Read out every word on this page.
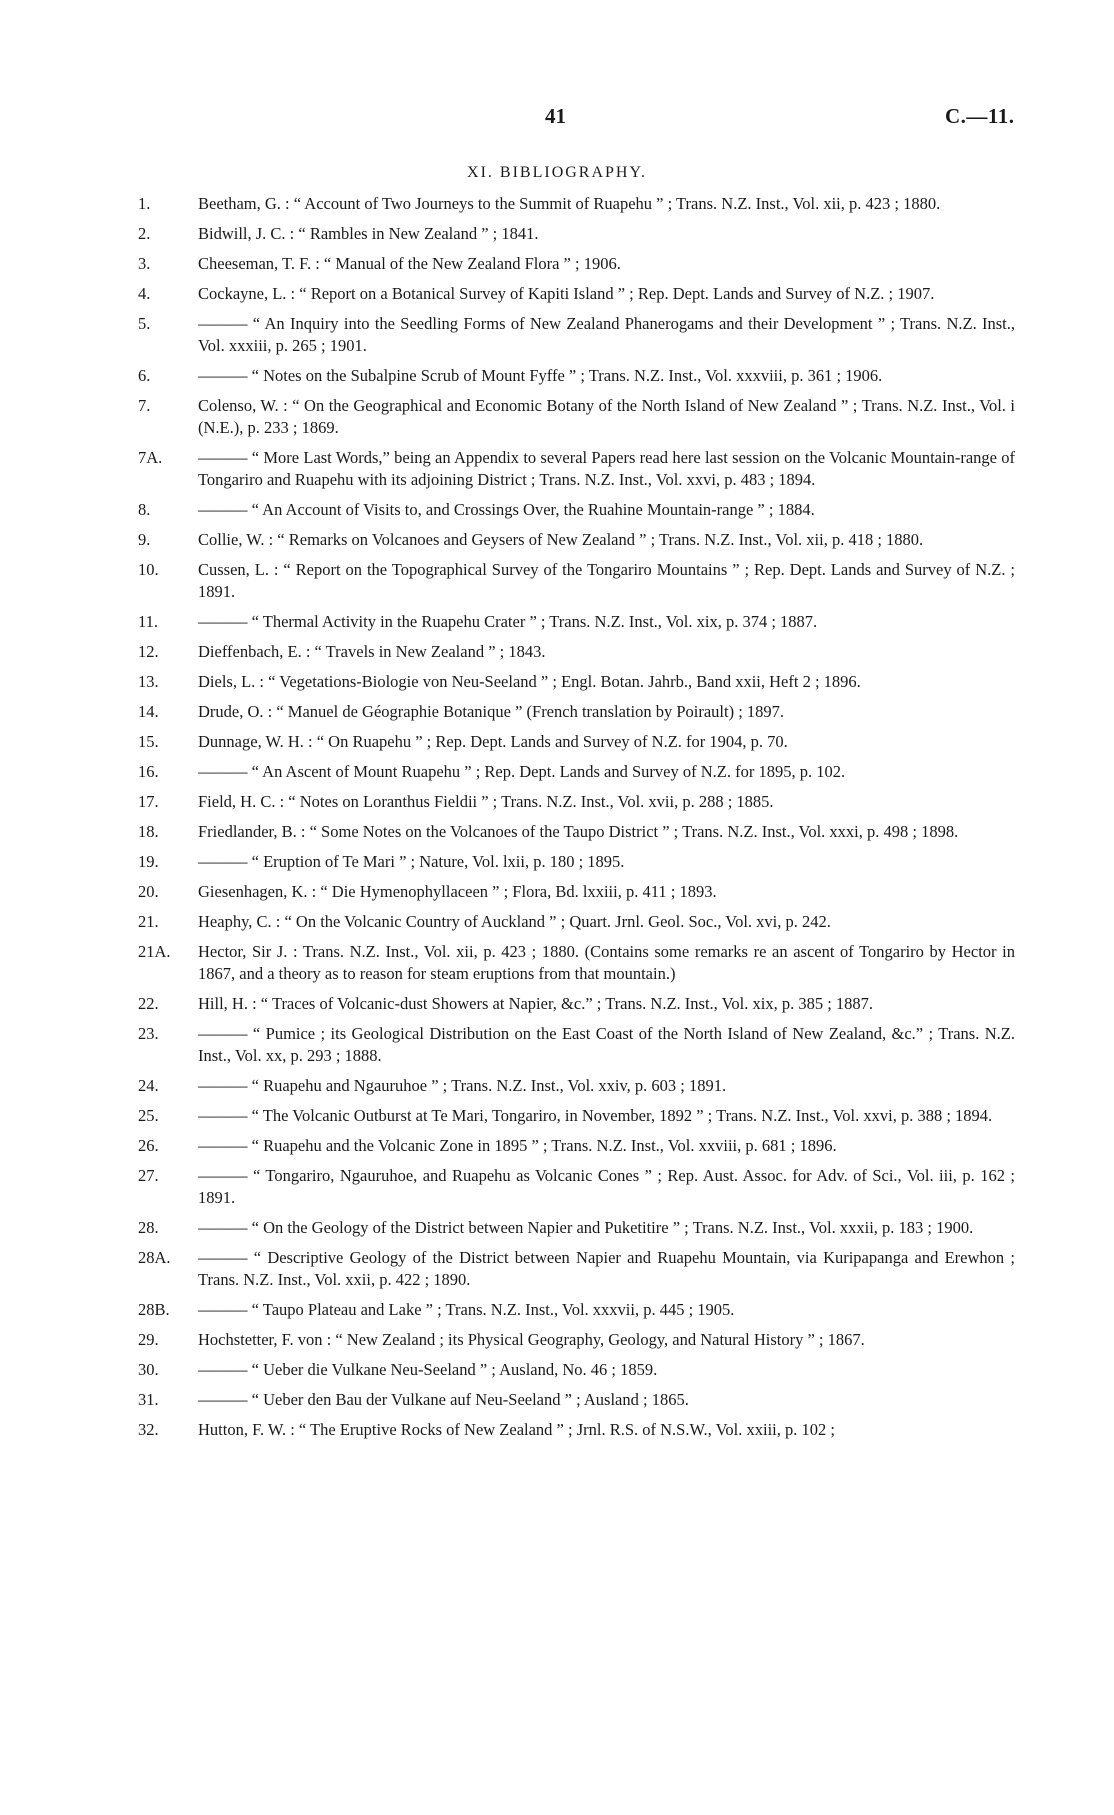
41	C.—11.
XI. BIBLIOGRAPHY.
1.	Beetham, G. : “ Account of Two Journeys to the Summit of Ruapehu ” ; Trans. N.Z. Inst., Vol. xii, p. 423 ; 1880.
2.	Bidwill, J. C. : “ Rambles in New Zealand ” ; 1841.
3.	Cheeseman, T. F. : “ Manual of the New Zealand Flora ” ; 1906.
4.	Cockayne, L. : “ Report on a Botanical Survey of Kapiti Island ” ; Rep. Dept. Lands and Survey of N.Z. ; 1907.
5.	——— “ An Inquiry into the Seedling Forms of New Zealand Phanerogams and their Development ” ; Trans. N.Z. Inst., Vol. xxxiii, p. 265 ; 1901.
6.	——— “ Notes on the Subalpine Scrub of Mount Fyffe ” ; Trans. N.Z. Inst., Vol. xxxviii, p. 361 ; 1906.
7.	Colenso, W. : “ On the Geographical and Economic Botany of the North Island of New Zealand ” ; Trans. N.Z. Inst., Vol. i (N.E.), p. 233 ; 1869.
7A.	——— “ More Last Words,” being an Appendix to several Papers read here last session on the Volcanic Mountain-range of Tongariro and Ruapehu with its adjoining District ; Trans. N.Z. Inst., Vol. xxvi, p. 483 ; 1894.
8.	——— “ An Account of Visits to, and Crossings Over, the Ruahine Mountain-range ” ; 1884.
9.	Collie, W. : “ Remarks on Volcanoes and Geysers of New Zealand ” ; Trans. N.Z. Inst., Vol. xii, p. 418 ; 1880.
10.	Cussen, L. : “ Report on the Topographical Survey of the Tongariro Mountains ” ; Rep. Dept. Lands and Survey of N.Z. ; 1891.
11.	——— “ Thermal Activity in the Ruapehu Crater ” ; Trans. N.Z. Inst., Vol. xix, p. 374 ; 1887.
12.	Dieffenbach, E. : “ Travels in New Zealand ” ; 1843.
13.	Diels, L. : “ Vegetations-Biologie von Neu-Seeland ” ; Engl. Botan. Jahrb., Band xxii, Heft 2 ; 1896.
14.	Drude, O. : “ Manuel de Géographie Botanique ” (French translation by Poirault) ; 1897.
15.	Dunnage, W. H. : “ On Ruapehu ” ; Rep. Dept. Lands and Survey of N.Z. for 1904, p. 70.
16.	——— “ An Ascent of Mount Ruapehu ” ; Rep. Dept. Lands and Survey of N.Z. for 1895, p. 102.
17.	Field, H. C. : “ Notes on Loranthus Fieldii ” ; Trans. N.Z. Inst., Vol. xvii, p. 288 ; 1885.
18.	Friedlander, B. : “ Some Notes on the Volcanoes of the Taupo District ” ; Trans. N.Z. Inst., Vol. xxxi, p. 498 ; 1898.
19.	——— “ Eruption of Te Mari ” ; Nature, Vol. lxii, p. 180 ; 1895.
20.	Giesenhagen, K. : “ Die Hymenophyllaceen ” ; Flora, Bd. lxxiii, p. 411 ; 1893.
21.	Heaphy, C. : “ On the Volcanic Country of Auckland ” ; Quart. Jrnl. Geol. Soc., Vol. xvi, p. 242.
21A.	Hector, Sir J. : Trans. N.Z. Inst., Vol. xii, p. 423 ; 1880. (Contains some remarks re an ascent of Tongariro by Hector in 1867, and a theory as to reason for steam eruptions from that mountain.)
22.	Hill, H. : “ Traces of Volcanic-dust Showers at Napier, &c.” ; Trans. N.Z. Inst., Vol. xix, p. 385 ; 1887.
23.	——— “ Pumice ; its Geological Distribution on the East Coast of the North Island of New Zealand, &c.” ; Trans. N.Z. Inst., Vol. xx, p. 293 ; 1888.
24.	——— “ Ruapehu and Ngauruhoe ” ; Trans. N.Z. Inst., Vol. xxiv, p. 603 ; 1891.
25.	——— “ The Volcanic Outburst at Te Mari, Tongariro, in November, 1892 ” ; Trans. N.Z. Inst., Vol. xxvi, p. 388 ; 1894.
26.	——— “ Ruapehu and the Volcanic Zone in 1895 ” ; Trans. N.Z. Inst., Vol. xxviii, p. 681 ; 1896.
27.	——— “ Tongariro, Ngauruhoe, and Ruapehu as Volcanic Cones ” ; Rep. Aust. Assoc. for Adv. of Sci., Vol. iii, p. 162 ; 1891.
28.	——— “ On the Geology of the District between Napier and Puketitire ” ; Trans. N.Z. Inst., Vol. xxxii, p. 183 ; 1900.
28A.	——— “ Descriptive Geology of the District between Napier and Ruapehu Mountain, via Kuripapanga and Erewhon ; Trans. N.Z. Inst., Vol. xxii, p. 422 ; 1890.
28B.	——— “ Taupo Plateau and Lake ” ; Trans. N.Z. Inst., Vol. xxxvii, p. 445 ; 1905.
29.	Hochstetter, F. von : “ New Zealand ; its Physical Geography, Geology, and Natural History ” ; 1867.
30.	——— “ Ueber die Vulkane Neu-Seeland ” ; Ausland, No. 46 ; 1859.
31.	——— “ Ueber den Bau der Vulkane auf Neu-Seeland ” ; Ausland ; 1865.
32.	Hutton, F. W. : “ The Eruptive Rocks of New Zealand ” ; Jrnl. R.S. of N.S.W., Vol. xxiii, p. 102 ;
